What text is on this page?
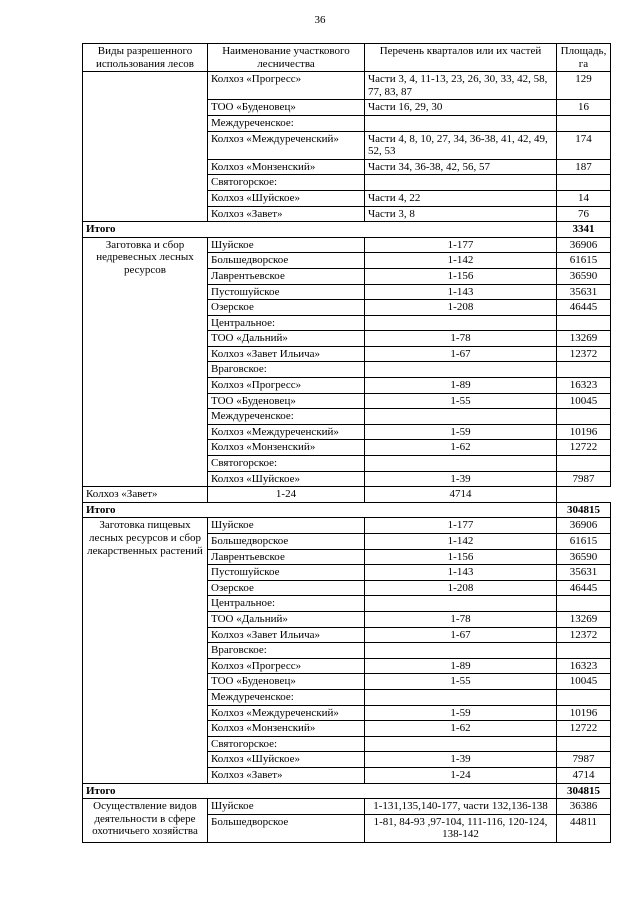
36
Виды разрешенного использования лесов	Наименование участкового лесничества	Перечень кварталов или их частей	Площадь, га
	Колхоз «Прогресс»	Части 3, 4, 11-13, 23, 26, 30, 33, 42, 58, 77, 83, 87	129
	ТОО «Буденовец»	Части 16, 29, 30	16
	Междуреченское:		
	Колхоз «Междуреченский»	Части 4, 8, 10, 27, 34, 36-38, 41, 42, 49, 52, 53	174
	Колхоз «Монзенский»	Части 34, 36-38, 42, 56, 57	187
	Святогорское:		
	Колхоз «Шуйское»	Части 4, 22	14
	Колхоз «Завет»	Части 3, 8	76
Итого			3341
Заготовка и сбор недревесных лесных ресурсов	Шуйское	1-177	36906
	Большедворское	1-142	61615
	Лаврентьевское	1-156	36590
	Пустошуйское	1-143	35631
	Озерское	1-208	46445
	Центральное:		
	ТОО «Дальний»	1-78	13269
	Колхоз «Завет Ильича»	1-67	12372
	Враговское:		
	Колхоз «Прогресс»	1-89	16323
	ТОО «Буденовец»	1-55	10045
	Междуреченское:		
	Колхоз «Междуреченский»	1-59	10196
	Колхоз «Монзенский»	1-62	12722
	Святогорское:		
	Колхоз «Шуйское»	1-39	7987
Колхоз «Завет»	1-24	4714	
Итого			304815
Заготовка пищевых лесных ресурсов и сбор лекарственных растений	Шуйское	1-177	36906
	Большедворское	1-142	61615
	Лаврентьевское	1-156	36590
	Пустошуйское	1-143	35631
	Озерское	1-208	46445
	Центральное:		
	ТОО «Дальний»	1-78	13269
	Колхоз «Завет Ильича»	1-67	12372
	Враговское:		
	Колхоз «Прогресс»	1-89	16323
	ТОО «Буденовец»	1-55	10045
	Междуреченское:		
	Колхоз «Междуреченский»	1-59	10196
	Колхоз «Монзенский»	1-62	12722
	Святогорское:		
	Колхоз «Шуйское»	1-39	7987
	Колхоз «Завет»	1-24	4714
Итого			304815
Осуществление видов деятельности в сфере охотничьего хозяйства	Шуйское	1-131,135,140-177, части 132,136-138	36386
	Большедворское	1-81, 84-93 ,97-104, 111-116, 120-124, 138-142	44811
